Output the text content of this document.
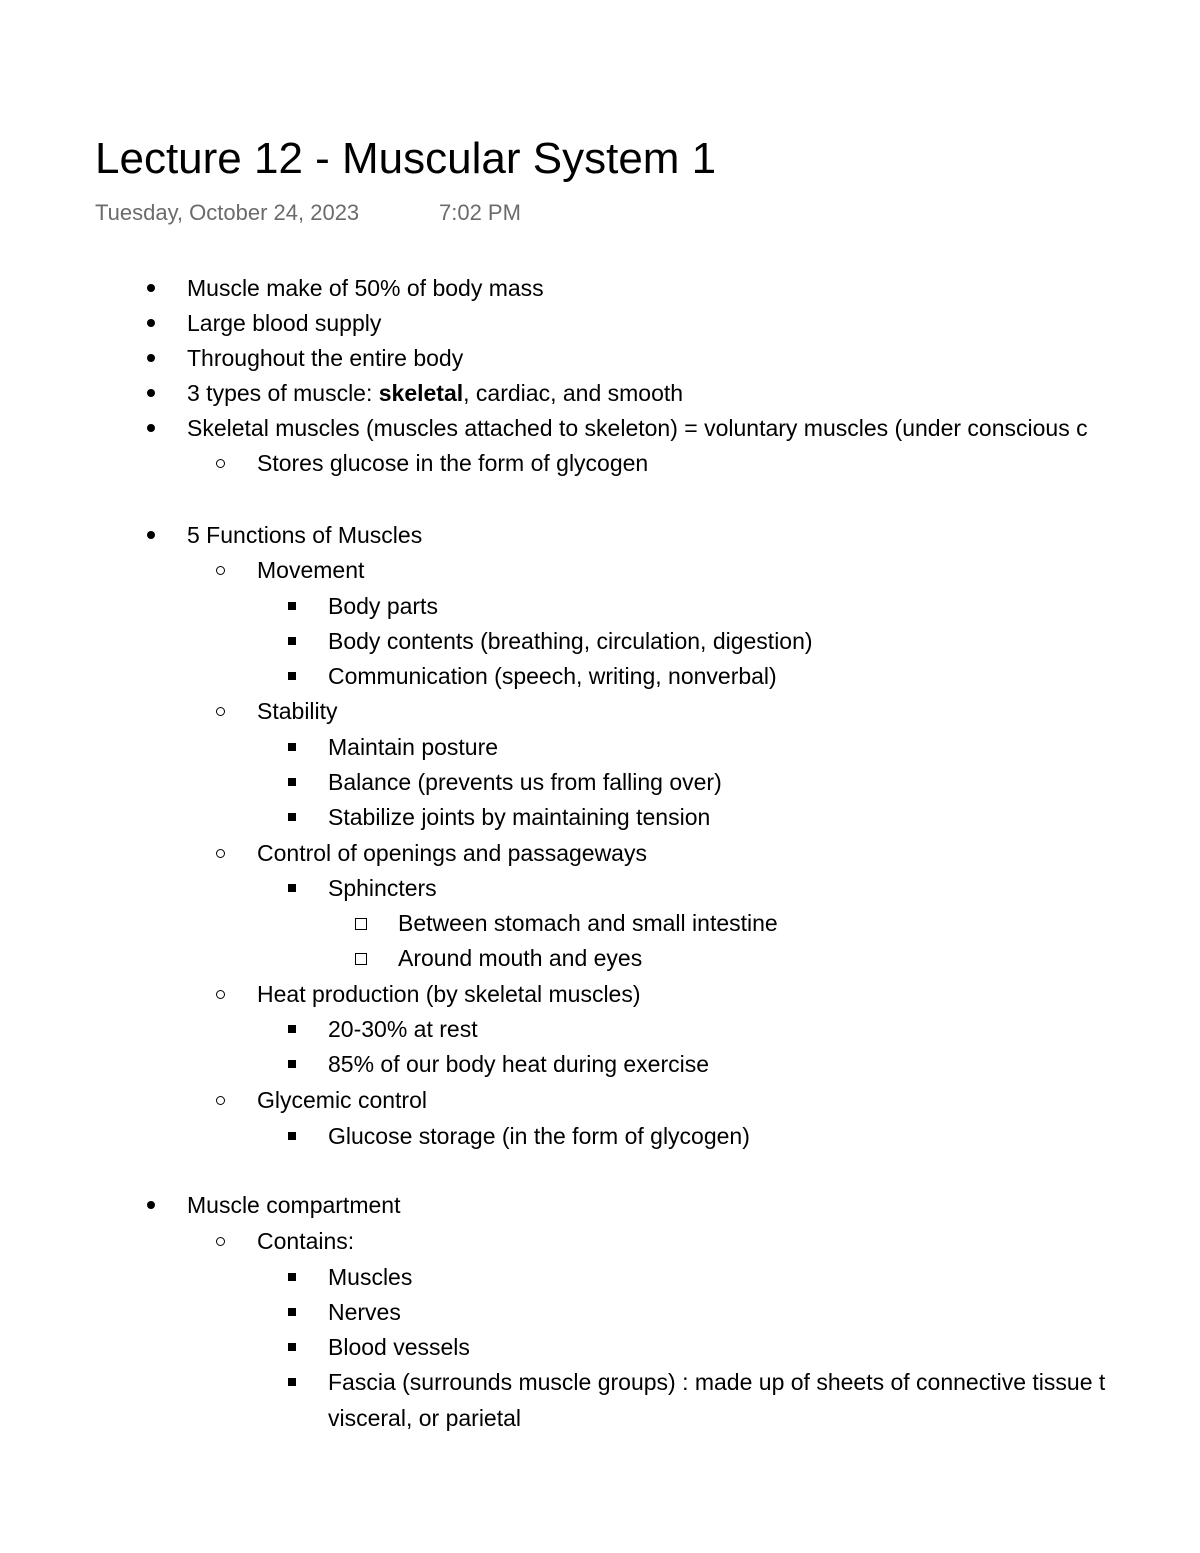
Lecture 12 - Muscular System 1
Tuesday, October 24, 2023	7:02 PM
Muscle make of 50% of body mass
Large blood supply
Throughout the entire body
3 types of muscle: skeletal, cardiac, and smooth
Skeletal muscles (muscles attached to skeleton) = voluntary muscles (under conscious c
Stores glucose in the form of glycogen
5 Functions of Muscles
Movement
Body parts
Body contents (breathing, circulation, digestion)
Communication (speech, writing, nonverbal)
Stability
Maintain posture
Balance (prevents us from falling over)
Stabilize joints by maintaining tension
Control of openings and passageways
Sphincters
Between stomach and small intestine
Around mouth and eyes
Heat production (by skeletal muscles)
20-30% at rest
85% of our body heat during exercise
Glycemic control
Glucose storage (in the form of glycogen)
Muscle compartment
Contains:
Muscles
Nerves
Blood vessels
Fascia (surrounds muscle groups) : made up of sheets of connective tissue t
visceral, or parietal
